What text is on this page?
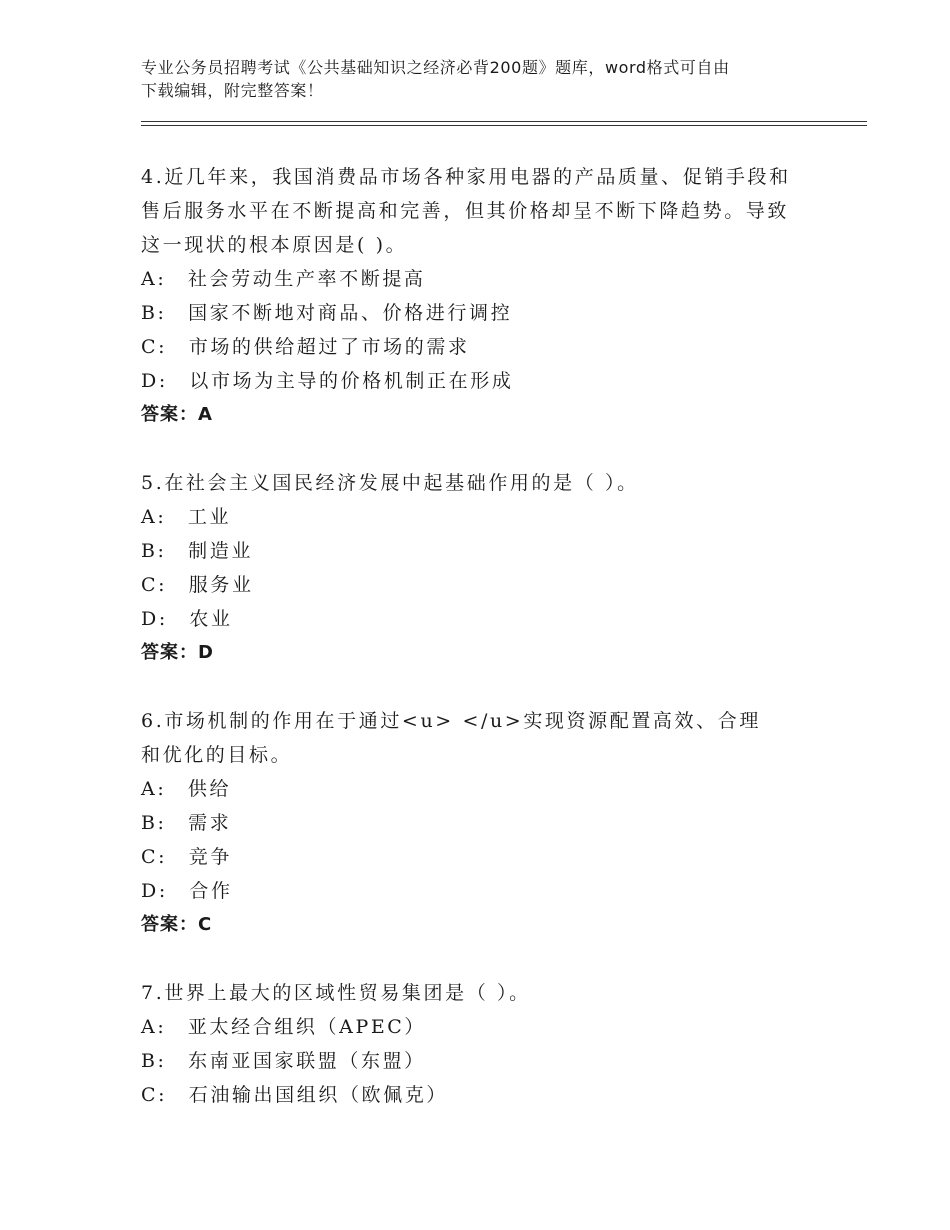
专业公务员招聘考试《公共基础知识之经济必背200题》题库，word格式可自由
下载编辑，附完整答案！
4.近几年来，我国消费品市场各种家用电器的产品质量、促销手段和
售后服务水平在不断提高和完善，但其价格却呈不断下降趋势。导致
这一现状的根本原因是( )。
A:　社会劳动生产率不断提高
B:　国家不断地对商品、价格进行调控
C:　市场的供给超过了市场的需求
D:　以市场为主导的价格机制正在形成
答案：A
5.在社会主义国民经济发展中起基础作用的是（ ）。
A:　工业
B:　制造业
C:　服务业
D:　农业
答案：D
6.市场机制的作用在于通过<u> </u>实现资源配置高效、合理
和优化的目标。
A:　供给
B:　需求
C:　竞争
D:　合作
答案：C
7.世界上最大的区域性贸易集团是（ ）。
A:　亚太经合组织（APEC）
B:　东南亚国家联盟（东盟）
C:　石油输出国组织（欧佩克）
